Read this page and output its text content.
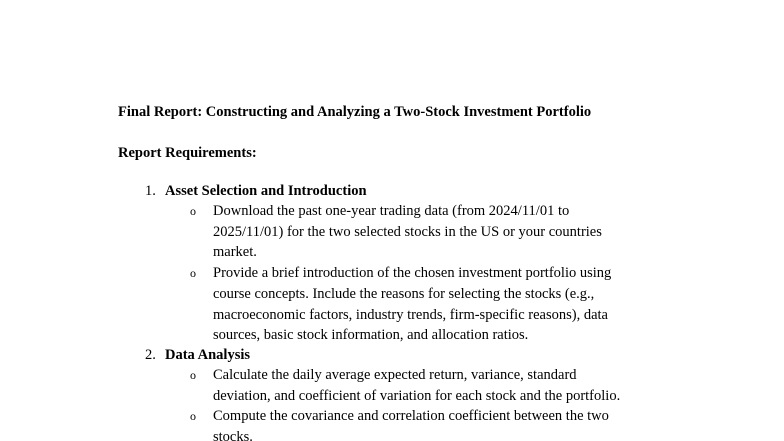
Final Report: Constructing and Analyzing a Two-Stock Investment Portfolio
Report Requirements:
1. Asset Selection and Introduction
o	Download the past one-year trading data (from 2024/11/01 to
2025/11/01) for the two selected stocks in the US or your countries
market.
o	Provide a brief introduction of the chosen investment portfolio using
course concepts. Include the reasons for selecting the stocks (e.g.,
macroeconomic factors, industry trends, firm-specific reasons), data
sources, basic stock information, and allocation ratios.
2. Data Analysis
o	Calculate the daily average expected return, variance, standard
deviation, and coefficient of variation for each stock and the portfolio.
o	Compute the covariance and correlation coefficient between the two
stocks.
